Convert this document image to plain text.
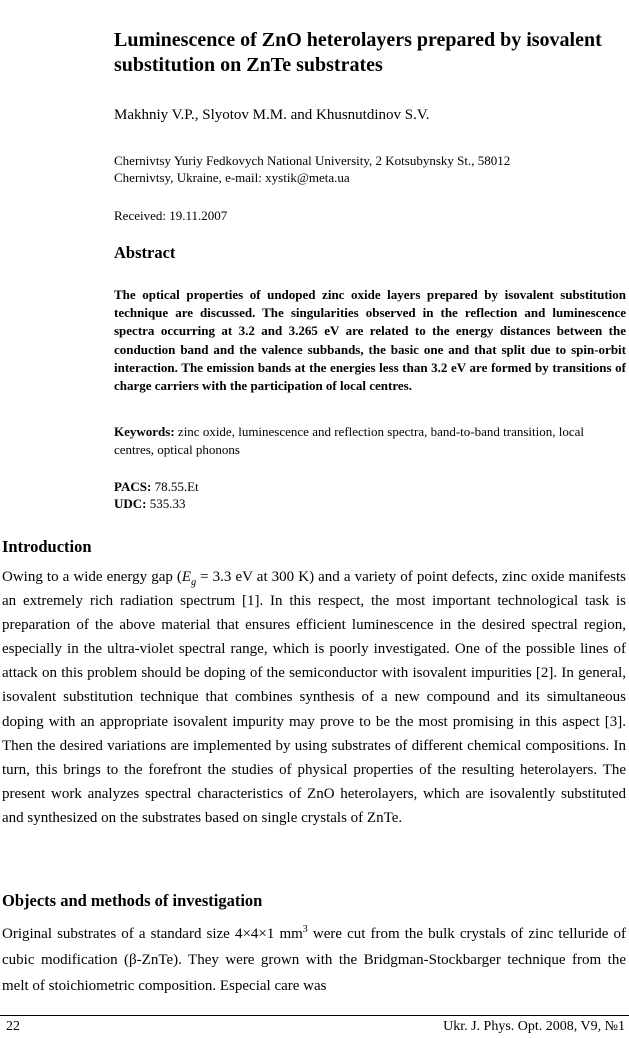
Luminescence of ZnO heterolayers prepared by isovalent substitution on ZnTe substrates
Makhniy V.P., Slyotov M.M. and Khusnutdinov S.V.
Chernivtsy Yuriy Fedkovych National University, 2 Kotsubynsky St., 58012
Chernivtsy, Ukraine, e-mail: xystik@meta.ua
Received: 19.11.2007
Abstract
The optical properties of undoped zinc oxide layers prepared by isovalent substitution technique are discussed. The singularities observed in the reflection and luminescence spectra occurring at 3.2 and 3.265 eV are related to the energy distances between the conduction band and the valence subbands, the basic one and that split due to spin-orbit interaction. The emission bands at the energies less than 3.2 eV are formed by transitions of charge carriers with the participation of local centres.
Keywords: zinc oxide, luminescence and reflection spectra, band-to-band transition, local centres, optical phonons
PACS: 78.55.Et
UDC: 535.33
Introduction
Owing to a wide energy gap ($E_g = 3.3$ eV at 300 K) and a variety of point defects, zinc oxide manifests an extremely rich radiation spectrum [1]. In this respect, the most important technological task is preparation of the above material that ensures efficient luminescence in the desired spectral region, especially in the ultra-violet spectral range, which is poorly investigated. One of the possible lines of attack on this problem should be doping of the semiconductor with isovalent impurities [2]. In general, isovalent substitution technique that combines synthesis of a new compound and its simultaneous doping with an appropriate isovalent impurity may prove to be the most promising in this aspect [3]. Then the desired variations are implemented by using substrates of different chemical compositions. In turn, this brings to the forefront the studies of physical properties of the resulting heterolayers. The present work analyzes spectral characteristics of ZnO heterolayers, which are isovalently substituted and synthesized on the substrates based on single crystals of ZnTe.
Objects and methods of investigation
Original substrates of a standard size 4×4×1 $mm^3$ were cut from the bulk crystals of zinc telluride of cubic modification (β-ZnTe). They were grown with the Bridgman-Stockbarger technique from the melt of stoichiometric composition. Especial care was
22	Ukr. J. Phys. Opt. 2008, V9, №1
